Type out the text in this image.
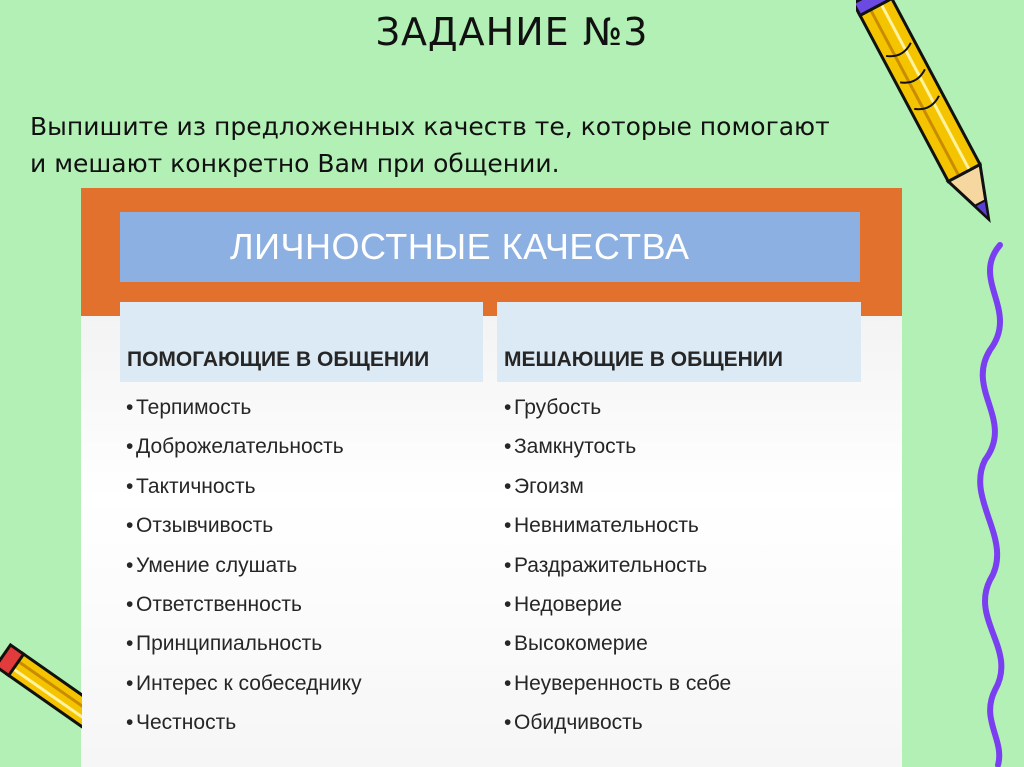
ЗАДАНИЕ №3
Выпишите из предложенных качеств те, которые помогают
и мешают конкретно Вам при общении.
ЛИЧНОСТНЫЕ КАЧЕСТВА
ПОМОГАЮЩИЕ В ОБЩЕНИИ	МЕШАЮЩИЕ В ОБЩЕНИИ
• Терпимость
• Доброжелательность
• Тактичность
• Отзывчивость
• Умение слушать
• Ответственность
• Принципиальность
• Интерес к собеседнику
• Честность
• Грубость
• Замкнутость
• Эгоизм
• Невнимательность
• Раздражительность
• Недоверие
• Высокомерие
• Неуверенность в себе
• Обидчивость
